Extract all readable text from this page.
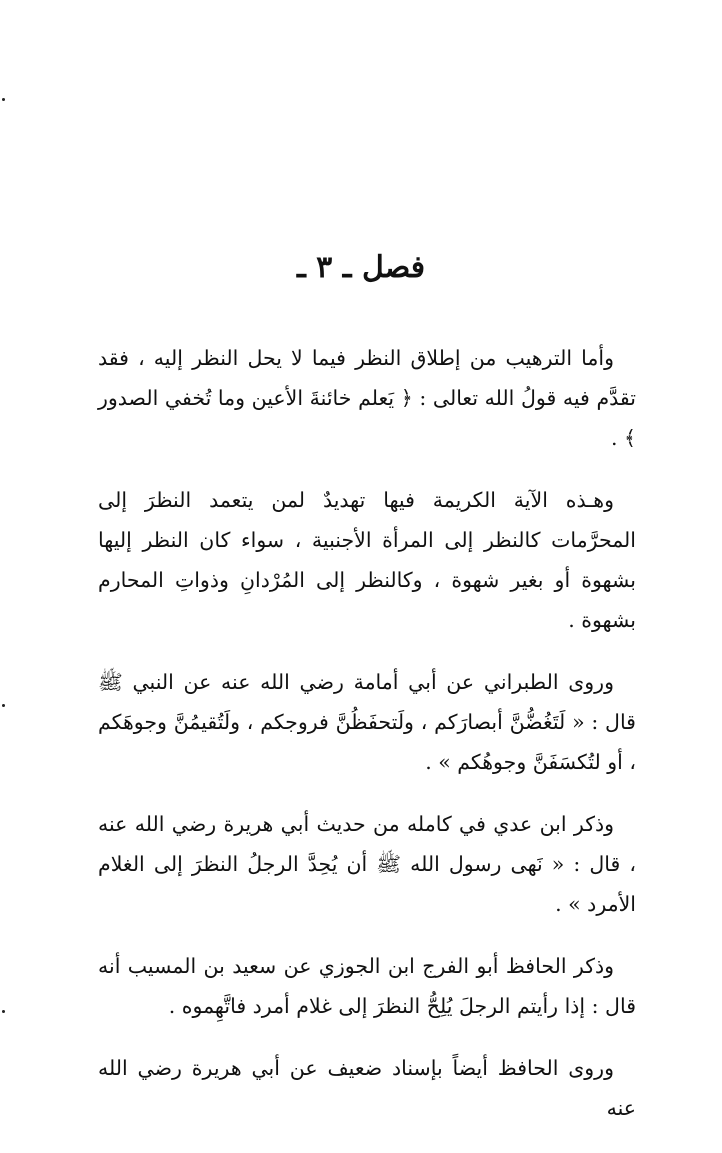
فصل ـ ٣ ـ

وأما الترهيب من إطلاق النظر فيما لا يحل النظر إليه ، فقد تقدَّم فيه قولُ الله تعالى : ﴿ يَعلم خائنةَ الأعين وما تُخفي الصدور ﴾ .

وهـذه الآية الكريمة فيها تهديدٌ لمن يتعمد النظرَ إلى المحرَّمات كالنظر إلى المرأة الأجنبية ، سواء كان النظر إليها بشهوة أو بغير شهوة ، وكالنظر إلى المُرْدانِ وذواتِ المحارم بشهوة .

وروى الطبراني عن أبي أمامة رضي الله عنه عن النبي ﷺ قال : « لَتَغُضُّنَّ أبصارَكم ، ولَتحفَظُنَّ فروجكم ، ولَتُقيمُنَّ وجوهَكم ، أو لتُكسَفَنَّ وجوهُكم » .

وذكر ابن عدي في كامله من حديث أبي هريرة رضي الله عنه ، قال : « نَهى رسول الله ﷺ أن يُحِدَّ الرجلُ النظرَ إلى الغلام الأمرد » .

وذكر الحافظ أبو الفرج ابن الجوزي عن سعيد بن المسيب أنه قال : إذا رأيتم الرجلَ يُلِحُّ النظرَ إلى غلام أمرد فاتَّهِموه .

وروى الحافظ أيضاً بإسناد ضعيف عن أبي هريرة رضي الله عنه
